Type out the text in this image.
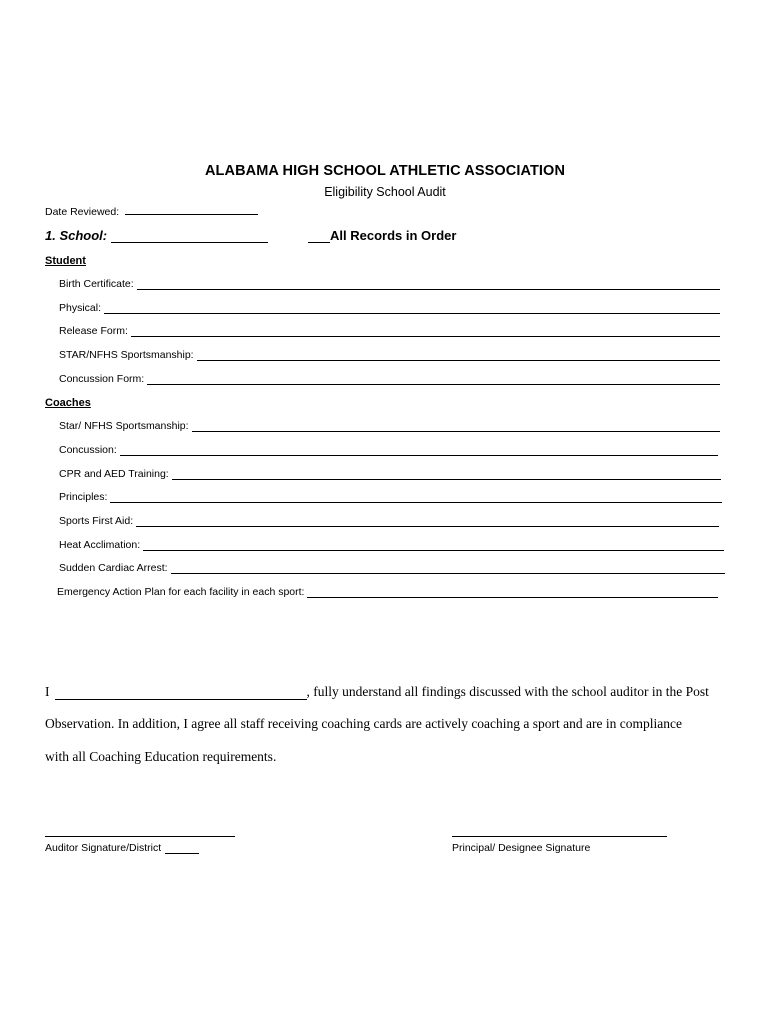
ALABAMA HIGH SCHOOL ATHLETIC ASSOCIATION
Eligibility School Audit
Date Reviewed:
1. School:	All Records in Order
Student
Birth Certificate:
Physical:
Release Form:
STAR/NFHS Sportsmanship:
Concussion Form:
Coaches
Star/ NFHS Sportsmanship:
Concussion:
CPR and AED Training:
Principles:
Sports First Aid:
Heat Acclimation:
Sudden Cardiac Arrest:
Emergency Action Plan for each facility in each sport:
I	, fully understand all findings discussed with the school auditor in the Post
Observation. In addition, I agree all staff receiving coaching cards are actively coaching a sport and are in compliance
with all Coaching Education requirements.
Auditor Signature/District	Principal/ Designee Signature
